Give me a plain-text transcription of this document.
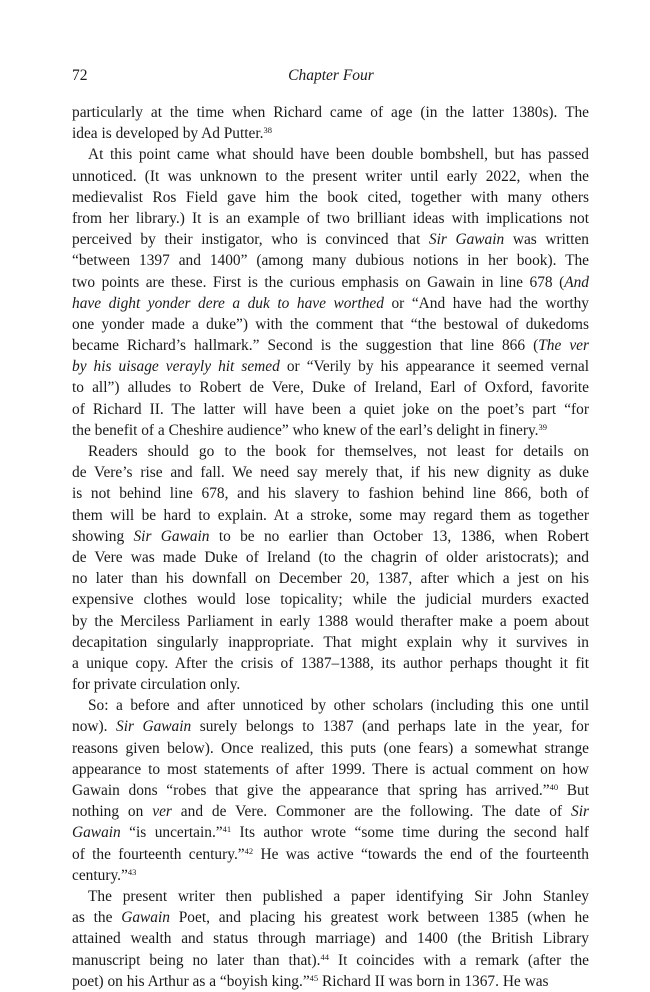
72	Chapter Four
particularly at the time when Richard came of age (in the latter 1380s). The
idea is developed by Ad Putter.$^{38}$
At this point came what should have been double bombshell, but has passed
unnoticed. (It was unknown to the present writer until early 2022, when the
medievalist Ros Field gave him the book cited, together with many others
from her library.) It is an example of two brilliant ideas with implications not
perceived by their instigator, who is convinced that Sir Gawain was written
“between 1397 and 1400” (among many dubious notions in her book). The
two points are these. First is the curious emphasis on Gawain in line 678 (And
have dight yonder dere a duk to have worthed or “And have had the worthy
one yonder made a duke”) with the comment that “the bestowal of dukedoms
became Richard’s hallmark.” Second is the suggestion that line 866 (The ver
by his uisage verayly hit semed or “Verily by his appearance it seemed vernal
to all”) alludes to Robert de Vere, Duke of Ireland, Earl of Oxford, favorite
of Richard II. The latter will have been a quiet joke on the poet’s part “for
the benefit of a Cheshire audience” who knew of the earl’s delight in finery.$^{39}$
Readers should go to the book for themselves, not least for details on
de Vere’s rise and fall. We need say merely that, if his new dignity as duke
is not behind line 678, and his slavery to fashion behind line 866, both of
them will be hard to explain. At a stroke, some may regard them as together
showing Sir Gawain to be no earlier than October 13, 1386, when Robert
de Vere was made Duke of Ireland (to the chagrin of older aristocrats); and
no later than his downfall on December 20, 1387, after which a jest on his
expensive clothes would lose topicality; while the judicial murders exacted
by the Merciless Parliament in early 1388 would therafter make a poem about
decapitation singularly inappropriate. That might explain why it survives in
a unique copy. After the crisis of 1387–1388, its author perhaps thought it fit
for private circulation only.
So: a before and after unnoticed by other scholars (including this one until
now). Sir Gawain surely belongs to 1387 (and perhaps late in the year, for
reasons given below). Once realized, this puts (one fears) a somewhat strange
appearance to most statements of after 1999. There is actual comment on how
Gawain dons “robes that give the appearance that spring has arrived.”$^{40}$ But
nothing on ver and de Vere. Commoner are the following. The date of Sir
Gawain “is uncertain.”$^{41}$ Its author wrote “some time during the second half
of the fourteenth century.”$^{42}$ He was active “towards the end of the fourteenth
century.”$^{43}$
The present writer then published a paper identifying Sir John Stanley
as the Gawain Poet, and placing his greatest work between 1385 (when he
attained wealth and status through marriage) and 1400 (the British Library
manuscript being no later than that).$^{44}$ It coincides with a remark (after the
poet) on his Arthur as a “boyish king.”$^{45}$ Richard II was born in 1367. He was
